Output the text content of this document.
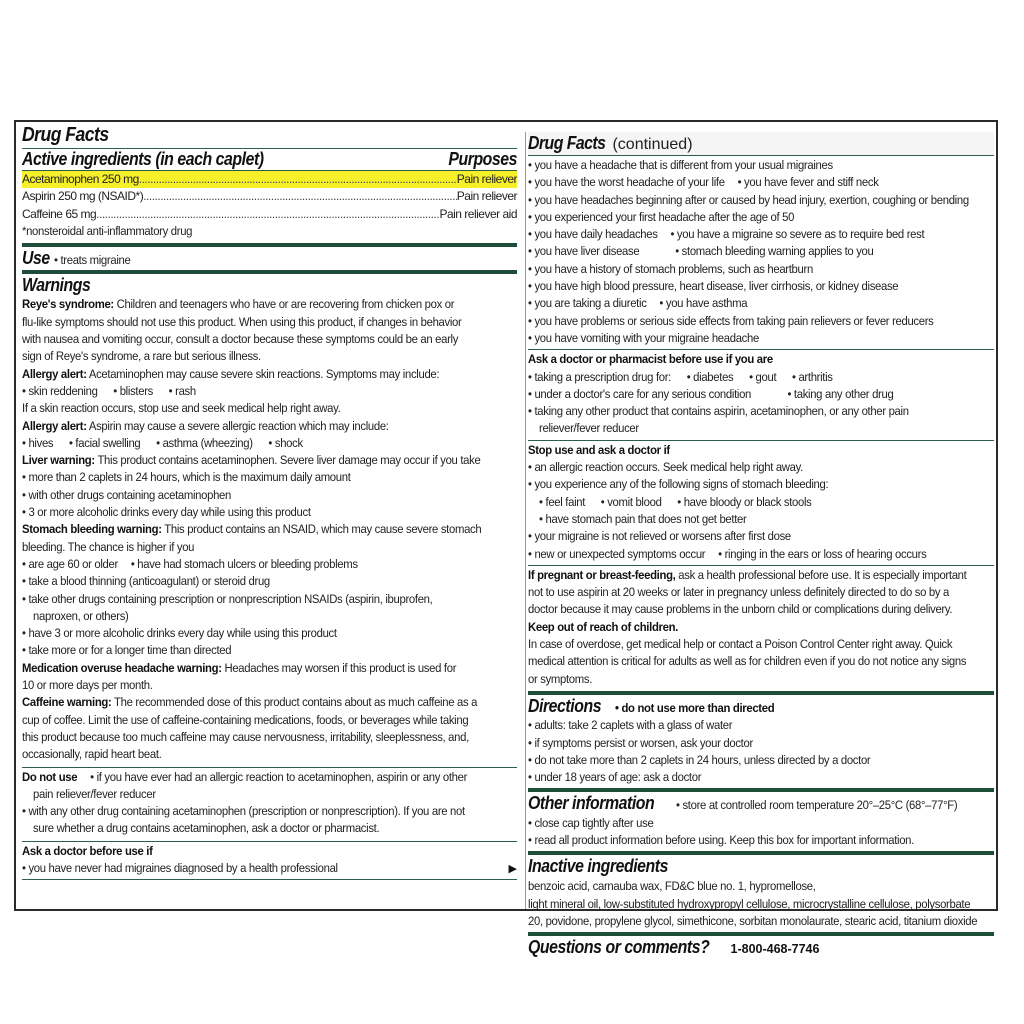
Drug Facts
Active ingredients (in each caplet)	Purposes
Acetaminophen 250 mg .....	Pain reliever
Aspirin 250 mg (NSAID*) .....	Pain reliever
Caffeine 65 mg .....	Pain reliever aid
*nonsteroidal anti-inflammatory drug
Use • treats migraine
Warnings
Reye's syndrome: Children and teenagers who have or are recovering from chicken pox or
flu-like symptoms should not use this product. When using this product, if changes in behavior
with nausea and vomiting occur, consult a doctor because these symptoms could be an early
sign of Reye's syndrome, a rare but serious illness.
Allergy alert: Acetaminophen may cause severe skin reactions. Symptoms may include:
• skin reddening • blisters • rash
If a skin reaction occurs, stop use and seek medical help right away.
Allergy alert: Aspirin may cause a severe allergic reaction which may include:
• hives • facial swelling • asthma (wheezing) • shock
Liver warning: This product contains acetaminophen. Severe liver damage may occur if you take
• more than 2 caplets in 24 hours, which is the maximum daily amount
• with other drugs containing acetaminophen
• 3 or more alcoholic drinks every day while using this product
Stomach bleeding warning: This product contains an NSAID, which may cause severe stomach
bleeding. The chance is higher if you
• are age 60 or older • have had stomach ulcers or bleeding problems
• take a blood thinning (anticoagulant) or steroid drug
• take other drugs containing prescription or nonprescription NSAIDs (aspirin, ibuprofen,
naproxen, or others)
• have 3 or more alcoholic drinks every day while using this product
• take more or for a longer time than directed
Medication overuse headache warning: Headaches may worsen if this product is used for
10 or more days per month.
Caffeine warning: The recommended dose of this product contains about as much caffeine as a
cup of coffee. Limit the use of caffeine-containing medications, foods, or beverages while taking
this product because too much caffeine may cause nervousness, irritability, sleeplessness, and,
occasionally, rapid heart beat.
Do not use • if you have ever had an allergic reaction to acetaminophen, aspirin or any other
pain reliever/fever reducer
• with any other drug containing acetaminophen (prescription or nonprescription). If you are not
sure whether a drug contains acetaminophen, ask a doctor or pharmacist.
Ask a doctor before use if
• you have never had migraines diagnosed by a health professional	▶
Drug Facts (continued)
• you have a headache that is different from your usual migraines
• you have the worst headache of your life • you have fever and stiff neck
• you have headaches beginning after or caused by head injury, exertion, coughing or bending
• you experienced your first headache after the age of 50
• you have daily headaches • you have a migraine so severe as to require bed rest
• you have liver disease	• stomach bleeding warning applies to you
• you have a history of stomach problems, such as heartburn
• you have high blood pressure, heart disease, liver cirrhosis, or kidney disease
• you are taking a diuretic • you have asthma
• you have problems or serious side effects from taking pain relievers or fever reducers
• you have vomiting with your migraine headache
Ask a doctor or pharmacist before use if you are
• taking a prescription drug for: • diabetes • gout • arthritis
• under a doctor's care for any serious condition	• taking any other drug
• taking any other product that contains aspirin, acetaminophen, or any other pain
reliever/fever reducer
Stop use and ask a doctor if
• an allergic reaction occurs. Seek medical help right away.
• you experience any of the following signs of stomach bleeding:
• feel faint • vomit blood • have bloody or black stools
• have stomach pain that does not get better
• your migraine is not relieved or worsens after first dose
• new or unexpected symptoms occur • ringing in the ears or loss of hearing occurs
If pregnant or breast-feeding, ask a health professional before use. It is especially important
not to use aspirin at 20 weeks or later in pregnancy unless definitely directed to do so by a
doctor because it may cause problems in the unborn child or complications during delivery.
Keep out of reach of children.
In case of overdose, get medical help or contact a Poison Control Center right away. Quick
medical attention is critical for adults as well as for children even if you do not notice any signs
or symptoms.
Directions • do not use more than directed
• adults: take 2 caplets with a glass of water
• if symptoms persist or worsen, ask your doctor
• do not take more than 2 caplets in 24 hours, unless directed by a doctor
• under 18 years of age: ask a doctor
Other information • store at controlled room temperature 20°–25°C (68°–77°F)
• close cap tightly after use
• read all product information before using. Keep this box for important information.
Inactive ingredients benzoic acid, carnauba wax, FD&C blue no. 1, hypromellose,
light mineral oil, low-substituted hydroxypropyl cellulose, microcrystalline cellulose, polysorbate
20, povidone, propylene glycol, simethicone, sorbitan monolaurate, stearic acid, titanium dioxide
Questions or comments? 1-800-468-7746
